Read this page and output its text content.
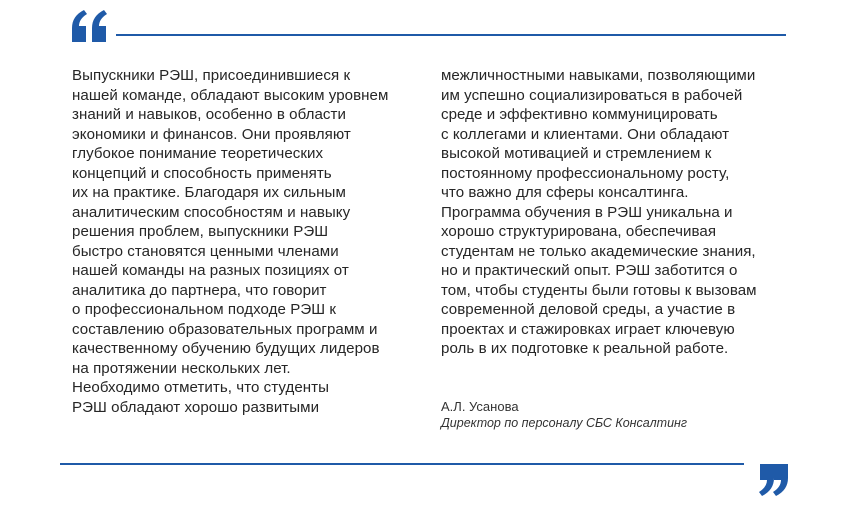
Выпускники РЭШ, присоединившиеся к
нашей команде, обладают высоким уровнем
знаний и навыков, особенно в области
экономики и финансов. Они проявляют
глубокое понимание теоретических
концепций и способность применять
их на практике. Благодаря их сильным
аналитическим способностям и навыку
решения проблем, выпускники РЭШ
быстро становятся ценными членами
нашей команды на разных позициях от
аналитика до партнера, что говорит
о профессиональном подходе РЭШ к
составлению образовательных программ и
качественному обучению будущих лидеров
на протяжении нескольких лет.
Необходимо отметить, что студенты
РЭШ обладают хорошо развитыми
межличностными навыками, позволяющими
им успешно социализироваться в рабочей
среде и эффективно коммуницировать
с коллегами и клиентами. Они обладают
высокой мотивацией и стремлением к
постоянному профессиональному росту,
что важно для сферы консалтинга.
Программа обучения в РЭШ уникальна и
хорошо структурирована, обеспечивая
студентам не только академические знания,
но и практический опыт. РЭШ заботится о
том, чтобы студенты были готовы к вызовам
современной деловой среды, а участие в
проектах и стажировках играет ключевую
роль в их подготовке к реальной работе.
А.Л. Усанова
Директор по персоналу СБС Консалтинг
